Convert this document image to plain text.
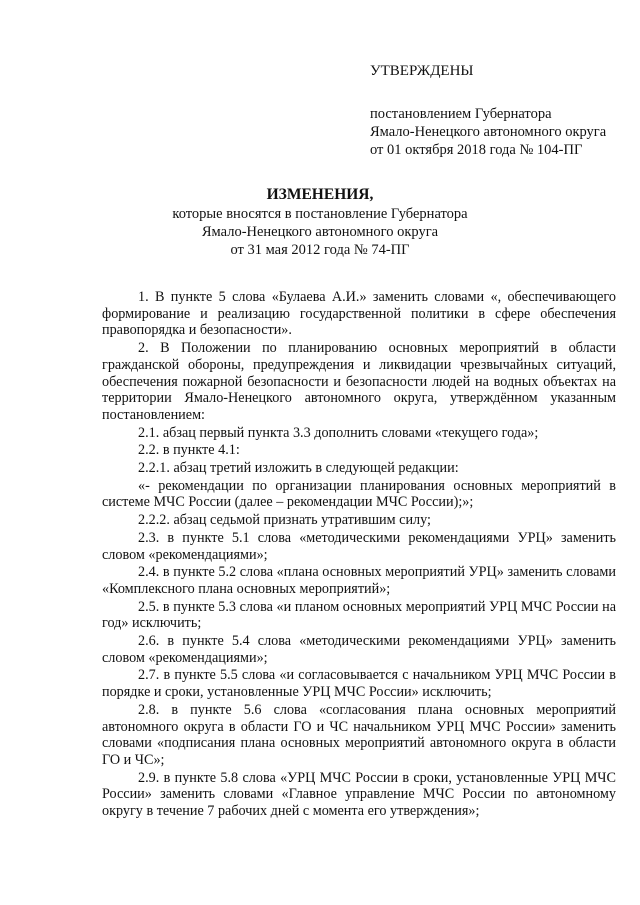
УТВЕРЖДЕНЫ
постановлением Губернатора
Ямало-Ненецкого автономного округа
от 01 октября 2018 года № 104-ПГ
ИЗМЕНЕНИЯ,
которые вносятся в постановление Губернатора
Ямало-Ненецкого автономного округа
от 31 мая 2012 года № 74-ПГ

1. В пункте 5 слова «Булаева А.И.» заменить словами «, обеспечивающего формирование и реализацию государственной политики в сфере обеспечения правопорядка и безопасности».

2. В Положении по планированию основных мероприятий в области гражданской обороны, предупреждения и ликвидации чрезвычайных ситуаций, обеспечения пожарной безопасности и безопасности людей на водных объектах на территории Ямало-Ненецкого автономного округа, утверждённом указанным постановлением:

2.1. абзац первый пункта 3.3 дополнить словами «текущего года»;

2.2. в пункте 4.1:

2.2.1. абзац третий изложить в следующей редакции:

«- рекомендации по организации планирования основных мероприятий в системе МЧС России (далее – рекомендации МЧС России);»;

2.2.2. абзац седьмой признать утратившим силу;

2.3. в пункте 5.1 слова «методическими рекомендациями УРЦ» заменить словом «рекомендациями»;

2.4. в пункте 5.2 слова «плана основных мероприятий УРЦ» заменить словами «Комплексного плана основных мероприятий»;

2.5. в пункте 5.3 слова «и планом основных мероприятий УРЦ МЧС России на год» исключить;

2.6. в пункте 5.4 слова «методическими рекомендациями УРЦ» заменить словом «рекомендациями»;

2.7. в пункте 5.5 слова «и согласовывается с начальником УРЦ МЧС России в порядке и сроки, установленные УРЦ МЧС России» исключить;

2.8. в пункте 5.6 слова «согласования плана основных мероприятий автономного округа в области ГО и ЧС начальником УРЦ МЧС России» заменить словами «подписания плана основных мероприятий автономного округа в области ГО и ЧС»;

2.9. в пункте 5.8 слова «УРЦ МЧС России в сроки, установленные УРЦ МЧС России» заменить словами «Главное управление МЧС России по автономному округу в течение 7 рабочих дней с момента его утверждения»;
